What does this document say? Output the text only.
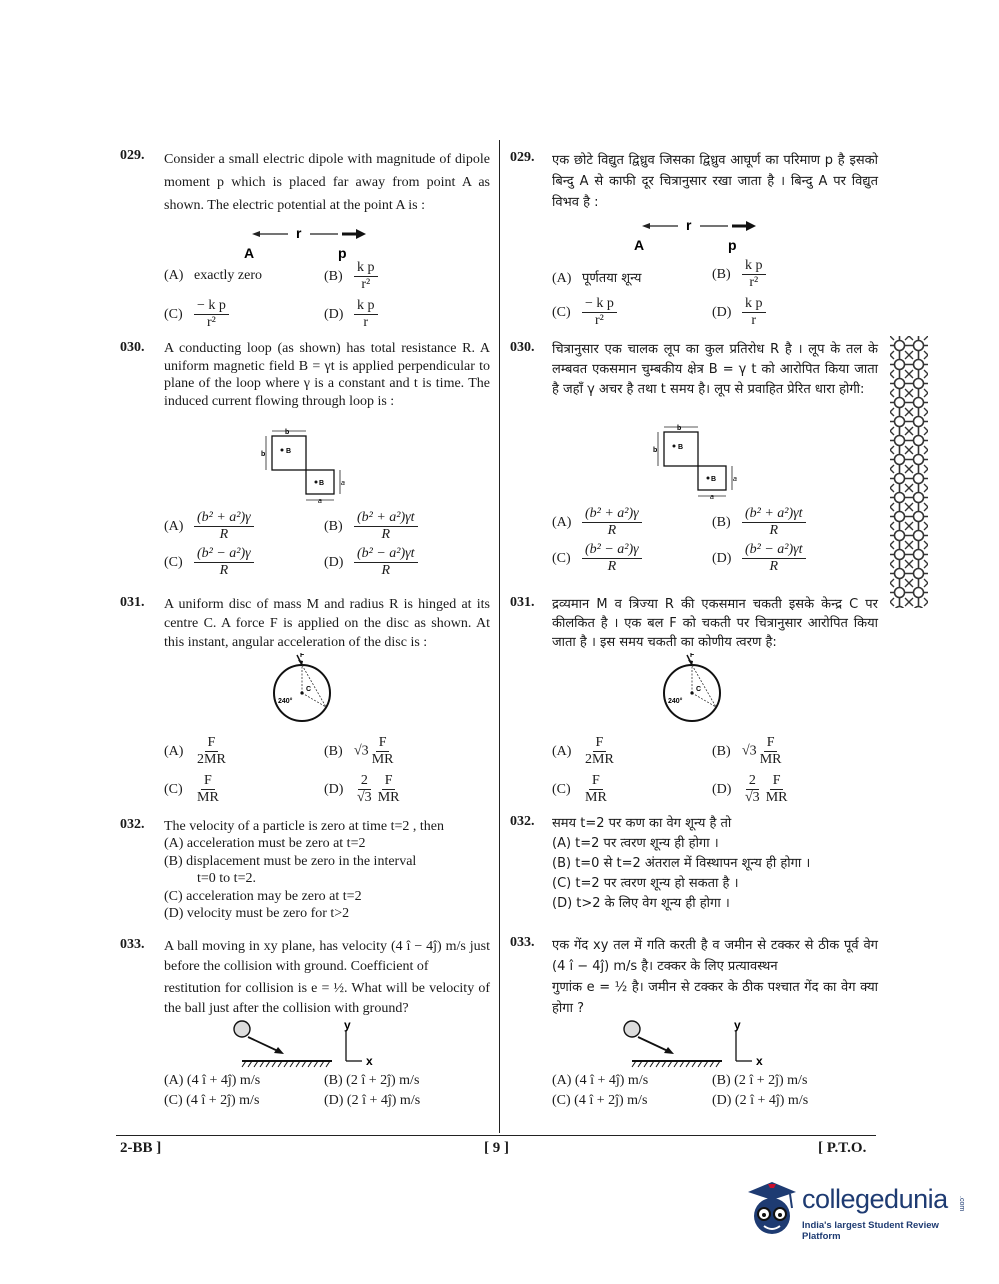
029. Consider a small electric dipole with magnitude of dipole moment p which is placed far away from point A as shown. The electric potential at the point A is :
r
A	p
(A) exactly zero	$(B) \frac{\text{k p}}{\text{r²}}$
$(C) \frac{\text{− k p}}{\text{r²}}$	$(D) \frac{\text{k p}}{r}$
030. A conducting loop (as shown) has total resistance R. A uniform magnetic field B = γt is applied perpendicular to plane of the loop where γ is a constant and t is time. The induced current flowing through loop is :
b
b	B
B a
a
$(A) \frac{\text{(b² + a²)γ}}{R}$	$(B) \frac{\text{(b² + a²)γt}}{R}$
$(C) \frac{\text{(b² − a²)γ}}{R}$	$(D) \frac{\text{(b² − a²)γt}}{R}$
031. A uniform disc of mass M and radius R is hinged at its centre C. A force F is applied on the disc as shown. At this instant, angular acceleration of the disc is :
F
C
240°
$(A) \frac{F}{2MR}$	(B) $√3 \frac{F}{MR}$
$(C) \frac{F}{MR}$	$(D) \frac{2}{√3} \frac{F}{MR}$
032. The velocity of a particle is zero at time t=2 , then
(A) acceleration must be zero at t=2
(B) displacement must be zero in the interval
t=0 to t=2.
(C) acceleration may be zero at t=2
(D) velocity must be zero for t>2
033. A ball moving in xy plane, has velocity (4 î − 4ĵ) m/s just before the collision with ground. Coefficient of
restitution for collision is e = ½. What will be velocity of the ball just after the collision with ground?
y
x
(A) (4 î + 4ĵ) m/s	(B) (2 î + 2ĵ) m/s
(C) (4 î + 2ĵ) m/s	(D) (2 î + 4ĵ) m/s
029. एक छोटे विद्युत द्विध्रुव जिसका द्विध्रुव आघूर्ण का परिमाण p है इसको बिन्दु A से काफी दूर चित्रानुसार रखा जाता है । बिन्दु A पर विद्युत विभव है :
r
A	p
(A) पूर्णतया शून्य	$(B) \frac{\text{k p}}{\text{r²}}$
$(C) \frac{\text{− k p}}{\text{r²}}$	$(D) \frac{\text{k p}}{r}$
030. चित्रानुसार एक चालक लूप का कुल प्रतिरोध R है । लूप के तल के लम्बवत एकसमान चुम्बकीय क्षेत्र B = γ t को आरोपित किया जाता है जहाँ γ अचर है तथा t समय है। लूप से प्रवाहित प्रेरित धारा होगी:
b
b	B
B a
a
$(A) \frac{\text{(b² + a²)γ}}{R}$	$(B) \frac{\text{(b² + a²)γt}}{R}$
$(C) \frac{\text{(b² − a²)γ}}{R}$	$(D) \frac{\text{(b² − a²)γt}}{R}$
031. द्रव्यमान M व त्रिज्या R की एकसमान चकती इसके केन्द्र C पर कीलकित है । एक बल F को चकती पर चित्रानुसार आरोपित किया जाता है । इस समय चकती का कोणीय त्वरण है:
F
C
240°
$(A) \frac{F}{2MR}$	(B) $√3 \frac{F}{MR}$
$(C) \frac{F}{MR}$	$(D) \frac{2}{√3} \frac{F}{MR}$
032. समय t=2 पर कण का वेग शून्य है तो
(A) t=2 पर त्वरण शून्य ही होगा ।
(B) t=0 से t=2 अंतराल में विस्थापन शून्य ही होगा ।
(C) t=2 पर त्वरण शून्य हो सकता है ।
(D) t>2 के लिए वेग शून्य ही होगा ।
033. एक गेंद xy तल में गति करती है व जमीन से टक्कर से ठीक पूर्व वेग (4 î − 4ĵ) m/s है। टक्कर के लिए प्रत्यावस्थन
गुणांक e = ½ है। जमीन से टक्कर के ठीक पश्चात गेंद का वेग क्या होगा ?
y
x
(A) (4 î + 4ĵ) m/s	(B) (2 î + 2ĵ) m/s
(C) (4 î + 2ĵ) m/s	(D) (2 î + 4ĵ) m/s
2-BB ]	[ 9 ]	[ P.T.O.
collegedunia .com
India's largest Student Review Platform
